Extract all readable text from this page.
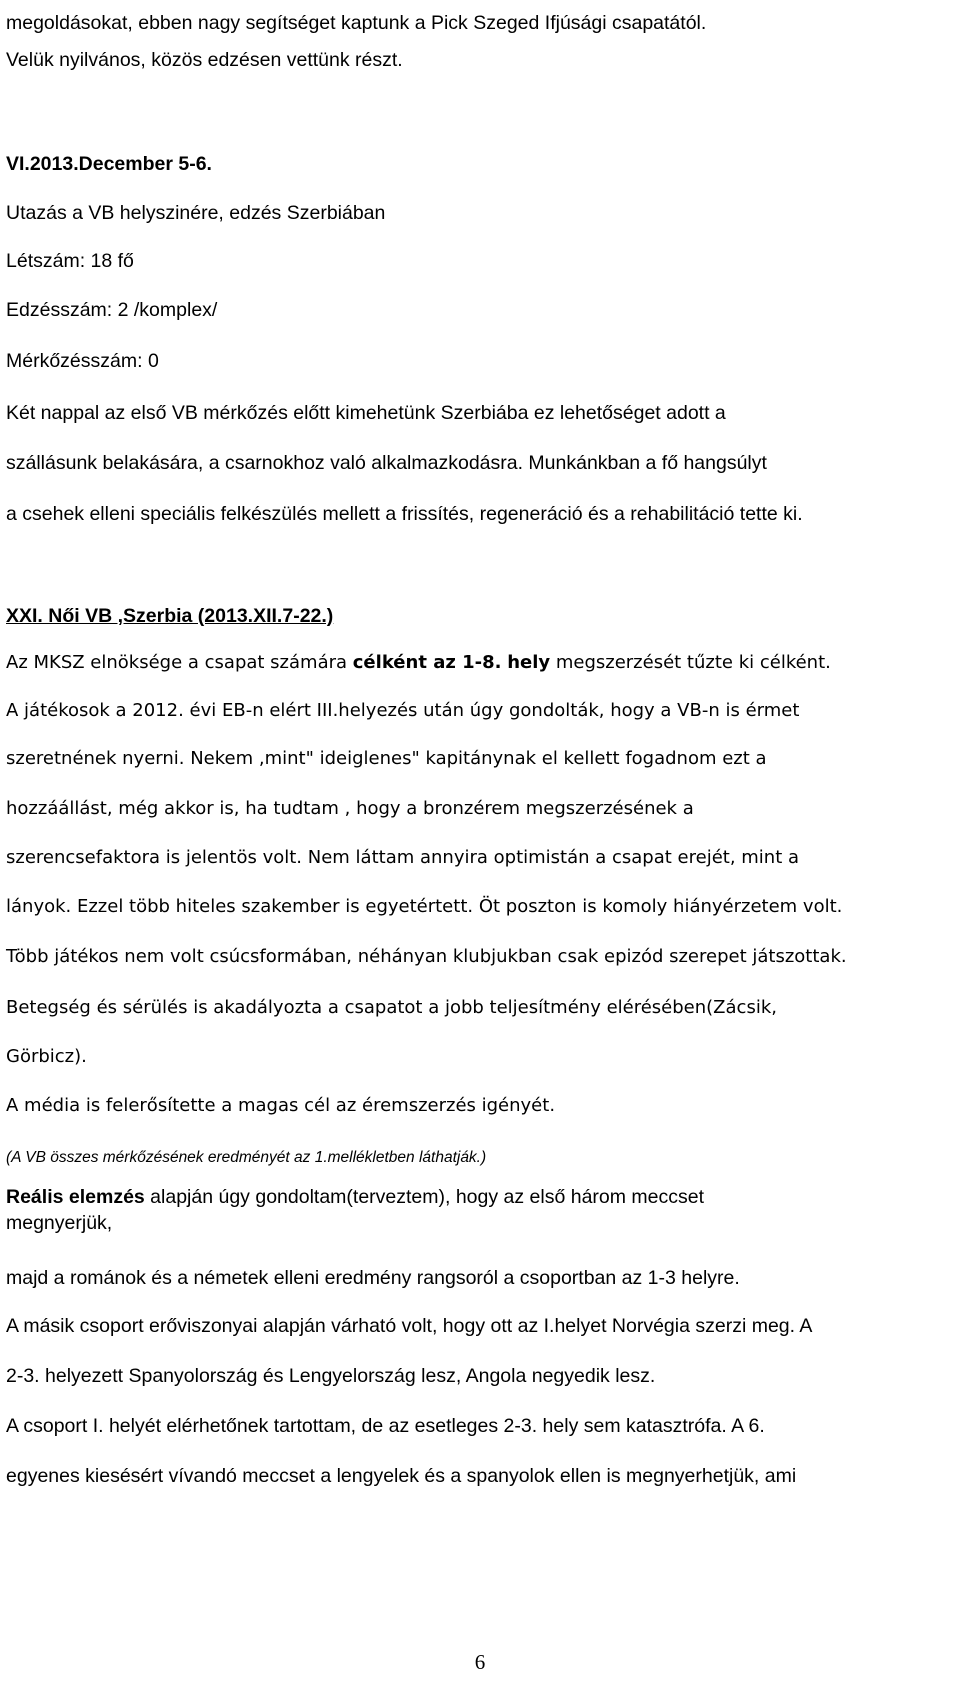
megoldásokat, ebben nagy segítséget kaptunk a Pick Szeged Ifjúsági csapatától.
Velük nyilvános, közös edzésen vettünk részt.
VI.2013.December 5-6.
Utazás a VB helyszinére, edzés Szerbiában
Létszám: 18 fő
Edzésszám: 2 /komplex/
Mérkőzésszám: 0
Két nappal az első VB mérkőzés előtt kimehetünk Szerbiába ez lehetőséget adott a
szállásunk belakására, a csarnokhoz való alkalmazkodásra. Munkánkban a fő hangsúlyt
a csehek elleni speciális felkészülés mellett a frissítés, regeneráció és a rehabilitáció tette ki.
XXI. Női VB ,Szerbia (2013.XII.7-22.)
Az MKSZ elnöksége a csapat számára célként az 1-8. hely megszerzését tűzte ki célként.
A játékosok a 2012. évi EB-n elért III.helyezés után úgy gondolták, hogy a VB-n is érmet
szeretnének nyerni. Nekem ,mint" ideiglenes" kapitánynak el kellett fogadnom ezt a
hozzáállást, még akkor is, ha tudtam , hogy a bronzérem megszerzésének a
szerencsefaktora is jelentös volt. Nem láttam annyira optimistán a csapat erejét, mint a
lányok. Ezzel több hiteles szakember is egyetértett. Öt poszton is komoly hiányérzetem volt.
Több játékos nem volt csúcsformában, néhányan klubjukban csak epizód szerepet játszottak.
Betegség és sérülés is akadályozta a csapatot a jobb teljesítmény elérésében(Zácsik,
Görbicz).
A média is felerősítette a magas cél az éremszerzés igényét.
(A VB összes mérkőzésének eredményét az 1.mellékletben láthatják.)
Reális elemzés alapján úgy gondoltam(terveztem), hogy az első három meccset
megnyerjük,
majd a románok és a németek elleni eredmény rangsoról a csoportban az 1-3 helyre.
A másik csoport erőviszonyai alapján várható volt, hogy ott az I.helyet Norvégia szerzi meg. A
2-3. helyezett Spanyolország és Lengyelország lesz, Angola negyedik lesz.
A csoport I. helyét elérhetőnek tartottam, de az esetleges 2-3. hely sem katasztrófa. A 6.
egyenes kiesésért vívandó meccset a lengyelek és a spanyolok ellen is megnyerhetjük, ami
6
